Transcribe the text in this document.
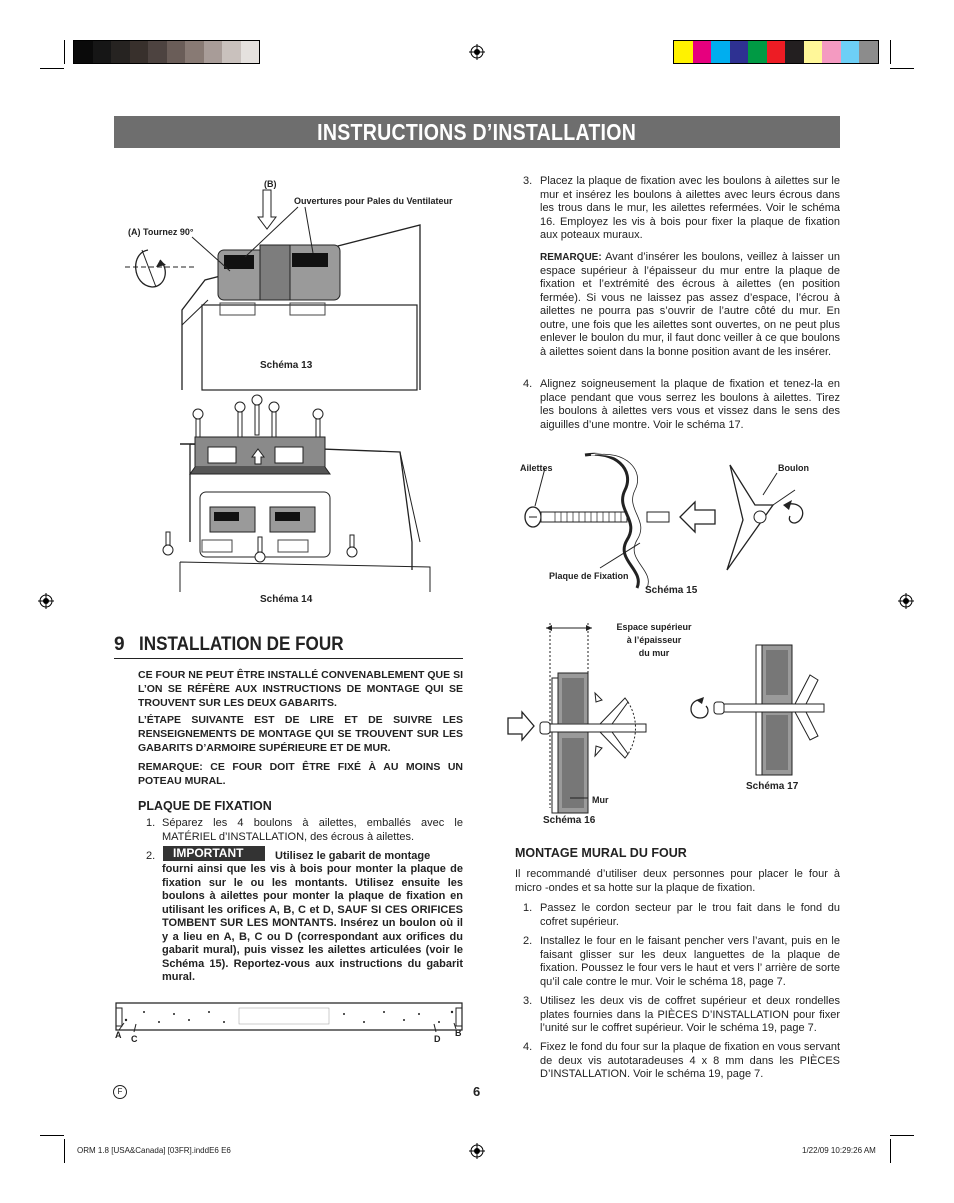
INSTRUCTIONS D’INSTALLATION
(B)
Ouvertures pour Pales du Ventilateur
(A) Tournez 90°
Schéma 13
Schéma 14
9 INSTALLATION DE FOUR
CE FOUR NE PEUT ÊTRE INSTALLÉ CONVENABLEMENT QUE SI L’ON SE RÉFÈRE AUX INSTRUCTIONS DE MONTAGE QUI SE TROUVENT SUR LES DEUX GABARITS.
L’ÉTAPE SUIVANTE EST DE LIRE ET DE SUIVRE LES RENSEIGNEMENTS DE MONTAGE QUI SE TROUVENT SUR LES GABARITS D’ARMOIRE SUPÉRIEURE ET DE MUR.
REMARQUE: CE FOUR DOIT ÊTRE FIXÉ À AU MOINS UN POTEAU MURAL.
PLAQUE DE FIXATION
1. Séparez les 4 boulons à ailettes, emballés avec le MATÉRIEL d’INSTALLATION, des écrous à ailettes.
2.	IMPORTANT	Utilisez le gabarit de montage
fourni ainsi que les vis à bois pour monter la plaque de fixation sur le ou les montants. Utilisez ensuite les boulons à ailettes pour monter la plaque de fixation en utilisant les orifices A, B, C et D, SAUF SI CES ORIFICES TOMBENT SUR LES MONTANTS. Insérez un boulon où il y a lieu en A, B, C ou D (correspondant aux orifices du gabarit mural), puis vissez les ailettes articulées (voir le Schéma 15). Reportez-vous aux instructions du gabarit mural.
A	B
C	D
3. Placez la plaque de fixation avec les boulons à ailettes sur le mur et insérez les boulons à ailettes avec leurs écrous dans les trous dans le mur, les ailettes refermées. Voir le schéma 16. Employez les vis à bois pour fixer la plaque de fixation aux poteaux muraux.
REMARQUE: Avant d’insérer les boulons, veillez à laisser un espace supérieur à l’épaisseur du mur entre la plaque de fixation et l’extrémité des écrous à ailettes (en position fermée). Si vous ne laissez pas assez d’espace, l’écrou à ailettes ne pourra pas s’ouvrir de l’autre côté du mur. En outre, une fois que les ailettes sont ouvertes, on ne peut plus enlever le boulon du mur, il faut donc veiller à ce que boulons à ailettes soient dans la bonne position avant de les insérer.
4. Alignez soigneusement la plaque de fixation et tenez-la en place pendant que vous serrez les boulons à ailettes. Tirez les boulons à ailettes vers vous et vissez dans le sens des aiguilles d’une montre. Voir le schéma 17.
Ailettes	Boulon
Plaque de Fixation
Schéma 15
Espace supérieur
à l’épaisseur
du mur
Mur
Schéma 16
Schéma 17
MONTAGE MURAL DU FOUR
Il recommandé d’utiliser deux personnes pour placer le four à micro -ondes et sa hotte sur la plaque de fixation.
1. Passez le cordon secteur par le trou fait dans le fond du cofret supérieur.
2. Installez le four en le faisant pencher vers l’avant, puis en le faisant glisser sur les deux languettes de la plaque de fixation. Poussez le four vers le haut et vers l’ arrière de sorte qu’il cale contre le mur. Voir le schéma 18, page 7.
3. Utilisez les deux vis de coffret supérieur et deux rondelles plates fournies dans la PIÈCES D’INSTALLATION pour fixer l’unité sur le coffret supérieur. Voir le schéma 19, page 7.
4. Fixez le fond du four sur la plaque de fixation en vous servant de deux vis autotaradeuses 4 x 8 mm dans les PIÈCES D’INSTALLATION. Voir le schéma 19, page 7.
F	6
ORM 1.8 [USA&Canada] [03FR].inddE6 E6	1/22/09 10:29:26 AM
